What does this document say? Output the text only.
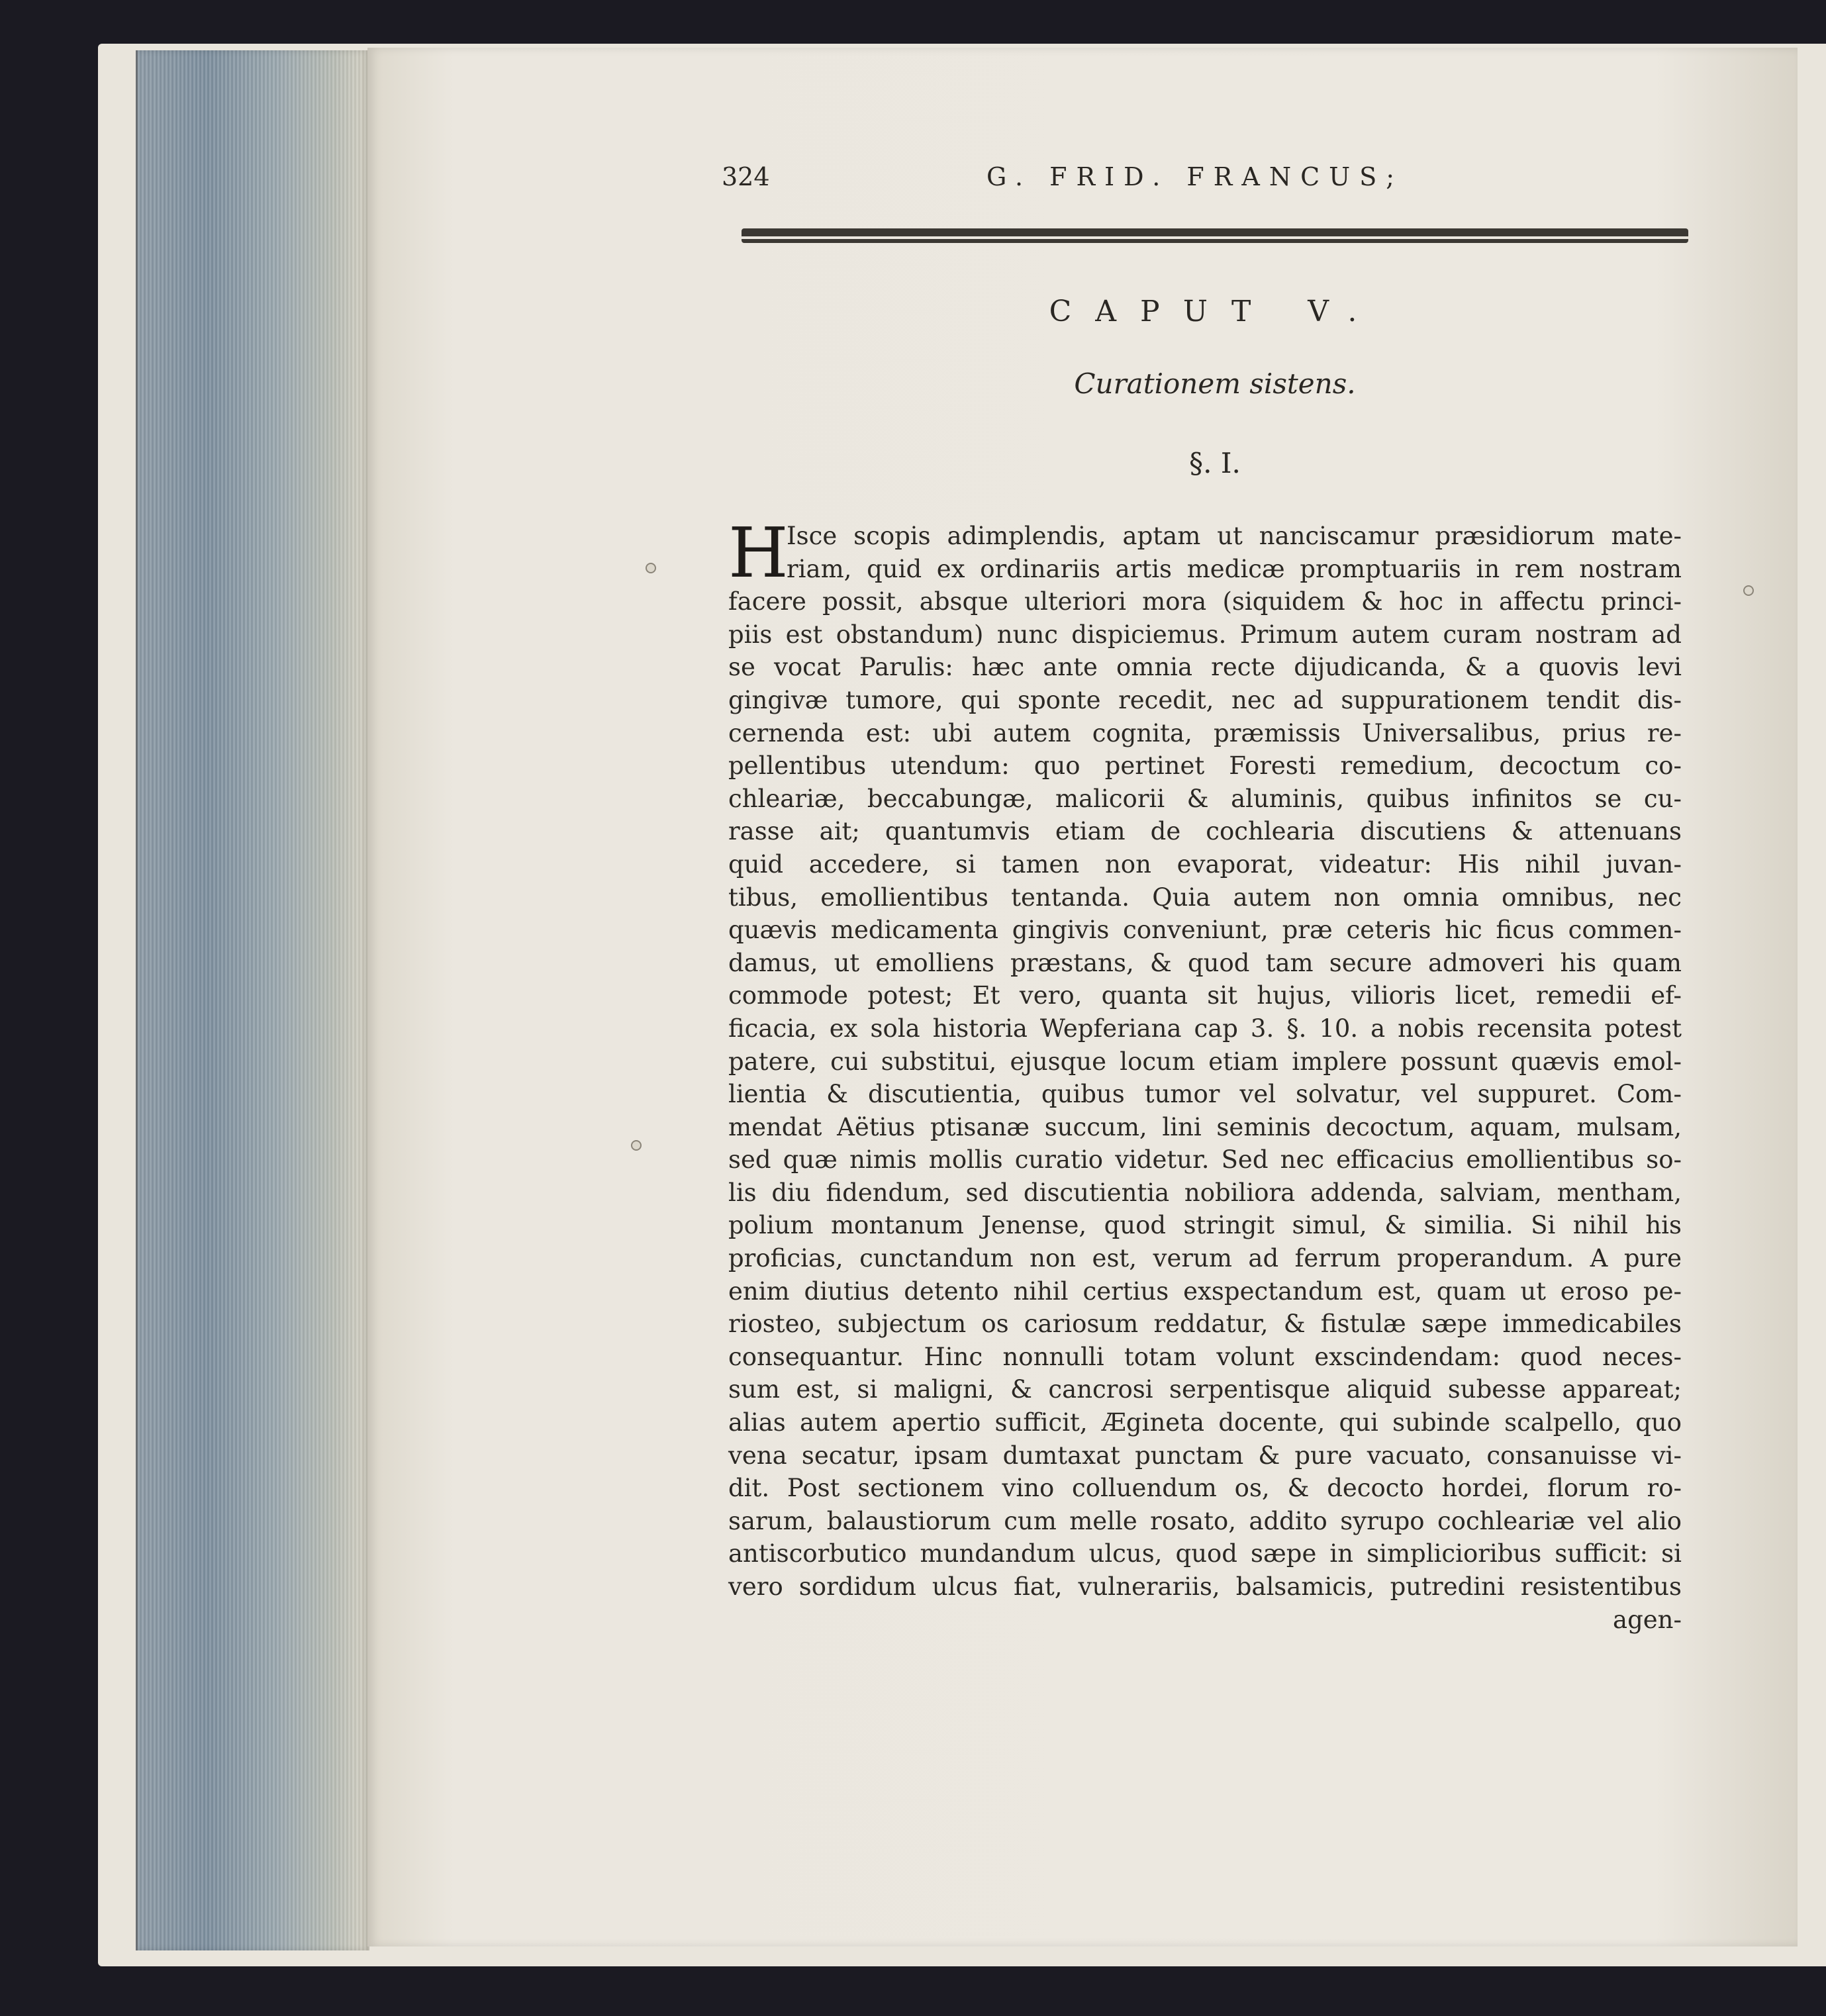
324	G. FRID. FRANCUS;
CAPUT V.
Curationem sistens.
§. I.
H
Isce scopis adimplendis, aptam ut nanciscamur præsidiorum mate-
riam, quid ex ordinariis artis medicæ promptuariis in rem nostram
facere possit, absque ulteriori mora (siquidem & hoc in affectu princi-
piis est obstandum) nunc dispiciemus. Primum autem curam nostram ad
se vocat Parulis: hæc ante omnia recte dijudicanda, & a quovis levi
gingivæ tumore, qui sponte recedit, nec ad suppurationem tendit dis-
cernenda est: ubi autem cognita, præmissis Universalibus, prius re-
pellentibus utendum: quo pertinet Foresti remedium, decoctum co-
chleariæ, beccabungæ, malicorii & aluminis, quibus infinitos se cu-
rasse ait; quantumvis etiam de cochlearia discutiens & attenuans
quid accedere, si tamen non evaporat, videatur: His nihil juvan-
tibus, emollientibus tentanda. Quia autem non omnia omnibus, nec
quævis medicamenta gingivis conveniunt, præ ceteris hic ficus commen-
damus, ut emolliens præstans, & quod tam secure admoveri his quam
commode potest; Et vero, quanta sit hujus, vilioris licet, remedii ef-
ficacia, ex sola historia Wepferiana cap 3. §. 10. a nobis recensita potest
patere, cui substitui, ejusque locum etiam implere possunt quævis emol-
lientia & discutientia, quibus tumor vel solvatur, vel suppuret. Com-
mendat Aëtius ptisanæ succum, lini seminis decoctum, aquam, mulsam,
sed quæ nimis mollis curatio videtur. Sed nec efficacius emollientibus so-
lis diu fidendum, sed discutientia nobiliora addenda, salviam, mentham,
polium montanum Jenense, quod stringit simul, & similia. Si nihil his
proficias, cunctandum non est, verum ad ferrum properandum. A pure
enim diutius detento nihil certius exspectandum est, quam ut eroso pe-
riosteo, subjectum os cariosum reddatur, & fistulæ sæpe immedicabiles
consequantur. Hinc nonnulli totam volunt exscindendam: quod neces-
sum est, si maligni, & cancrosi serpentisque aliquid subesse appareat;
alias autem apertio sufficit, Ægineta docente, qui subinde scalpello, quo
vena secatur, ipsam dumtaxat punctam & pure vacuato, consanuisse vi-
dit. Post sectionem vino colluendum os, & decocto hordei, florum ro-
sarum, balaustiorum cum melle rosato, addito syrupo cochleariæ vel alio
antiscorbutico mundandum ulcus, quod sæpe in simplicioribus sufficit: si
vero sordidum ulcus fiat, vulnerariis, balsamicis, putredini resistentibus
agen-
